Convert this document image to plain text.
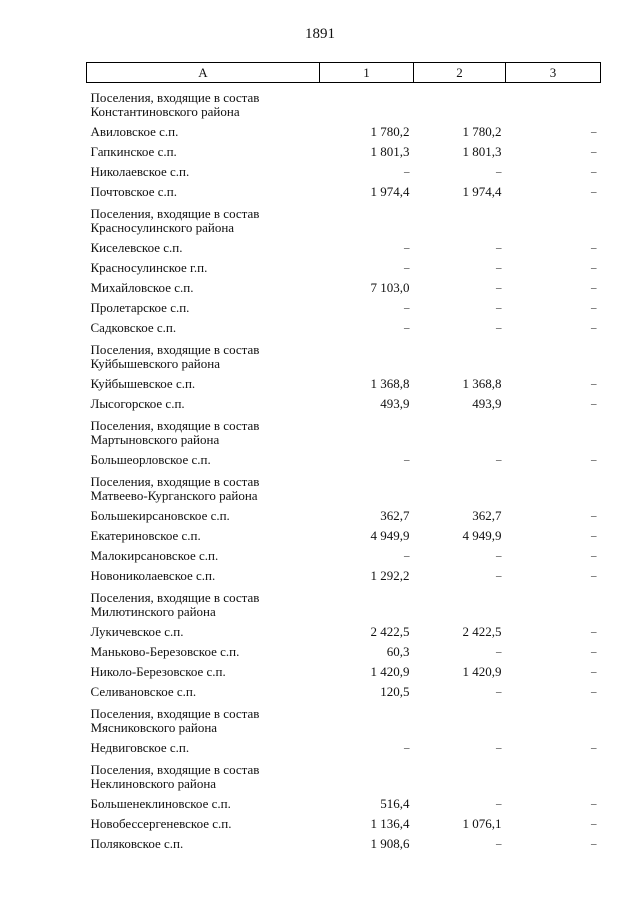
1891
А	1	2	3
Поселения, входящие в состав Константиновского района			
Авиловское с.п.	1 780,2	1 780,2	–
Гапкинское с.п.	1 801,3	1 801,3	–
Николаевское с.п.	–	–	–
Почтовское с.п.	1 974,4	1 974,4	–
Поселения, входящие в состав Красносулинского района			
Киселевское с.п.	–	–	–
Красносулинское г.п.	–	–	–
Михайловское с.п.	7 103,0	–	–
Пролетарское с.п.	–	–	–
Садковское с.п.	–	–	–
Поселения, входящие в состав Куйбышевского района			
Куйбышевское с.п.	1 368,8	1 368,8	–
Лысогорское с.п.	493,9	493,9	–
Поселения, входящие в состав Мартыновского района			
Большеорловское с.п.	–	–	–
Поселения, входящие в состав Матвеево-Курганского района			
Большекирсановское с.п.	362,7	362,7	–
Екатериновское с.п.	4 949,9	4 949,9	–
Малокирсановское с.п.	–	–	–
Новониколаевское с.п.	1 292,2	–	–
Поселения, входящие в состав Милютинского района			
Лукичевское с.п.	2 422,5	2 422,5	–
Маньково-Березовское с.п.	60,3	–	–
Николо-Березовское с.п.	1 420,9	1 420,9	–
Селивановское с.п.	120,5	–	–
Поселения, входящие в состав Мясниковского района			
Недвиговское с.п.	–	–	–
Поселения, входящие в состав Неклиновского района			
Большенеклиновское с.п.	516,4	–	–
Новобессергеневское с.п.	1 136,4	1 076,1	–
Поляковское с.п.	1 908,6	–	–
